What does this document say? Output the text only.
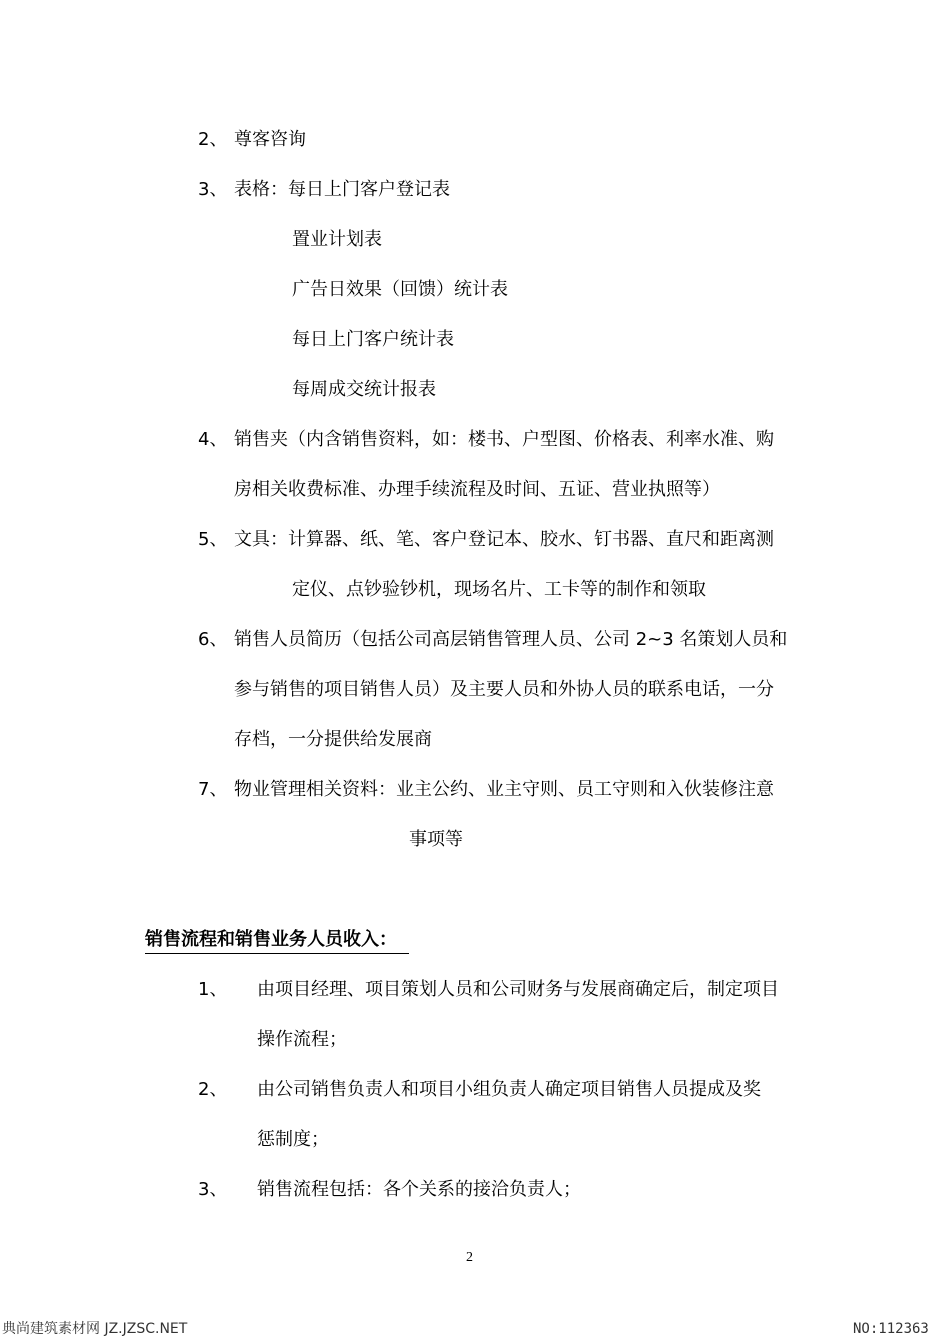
2、 尊客咨询
3、 表格：每日上门客户登记表
置业计划表
广告日效果（回馈）统计表
每日上门客户统计表
每周成交统计报表
4、 销售夹（内含销售资料，如：楼书、户型图、价格表、利率水准、购
房相关收费标准、办理手续流程及时间、五证、营业执照等）
5、 文具：计算器、纸、笔、客户登记本、胶水、钉书器、直尺和距离测
定仪、点钞验钞机，现场名片、工卡等的制作和领取
6、 销售人员简历（包括公司高层销售管理人员、公司 2~3 名策划人员和
参与销售的项目销售人员）及主要人员和外协人员的联系电话，一分
存档，一分提供给发展商
7、 物业管理相关资料：业主公约、业主守则、员工守则和入伙装修注意
事项等
销售流程和销售业务人员收入：
1、 由项目经理、项目策划人员和公司财务与发展商确定后，制定项目
操作流程；
2、 由公司销售负责人和项目小组负责人确定项目销售人员提成及奖
惩制度；
3、 销售流程包括：各个关系的接洽负责人；
2
典尚建筑素材网 JZ.JZSC.NET	NO:112363
